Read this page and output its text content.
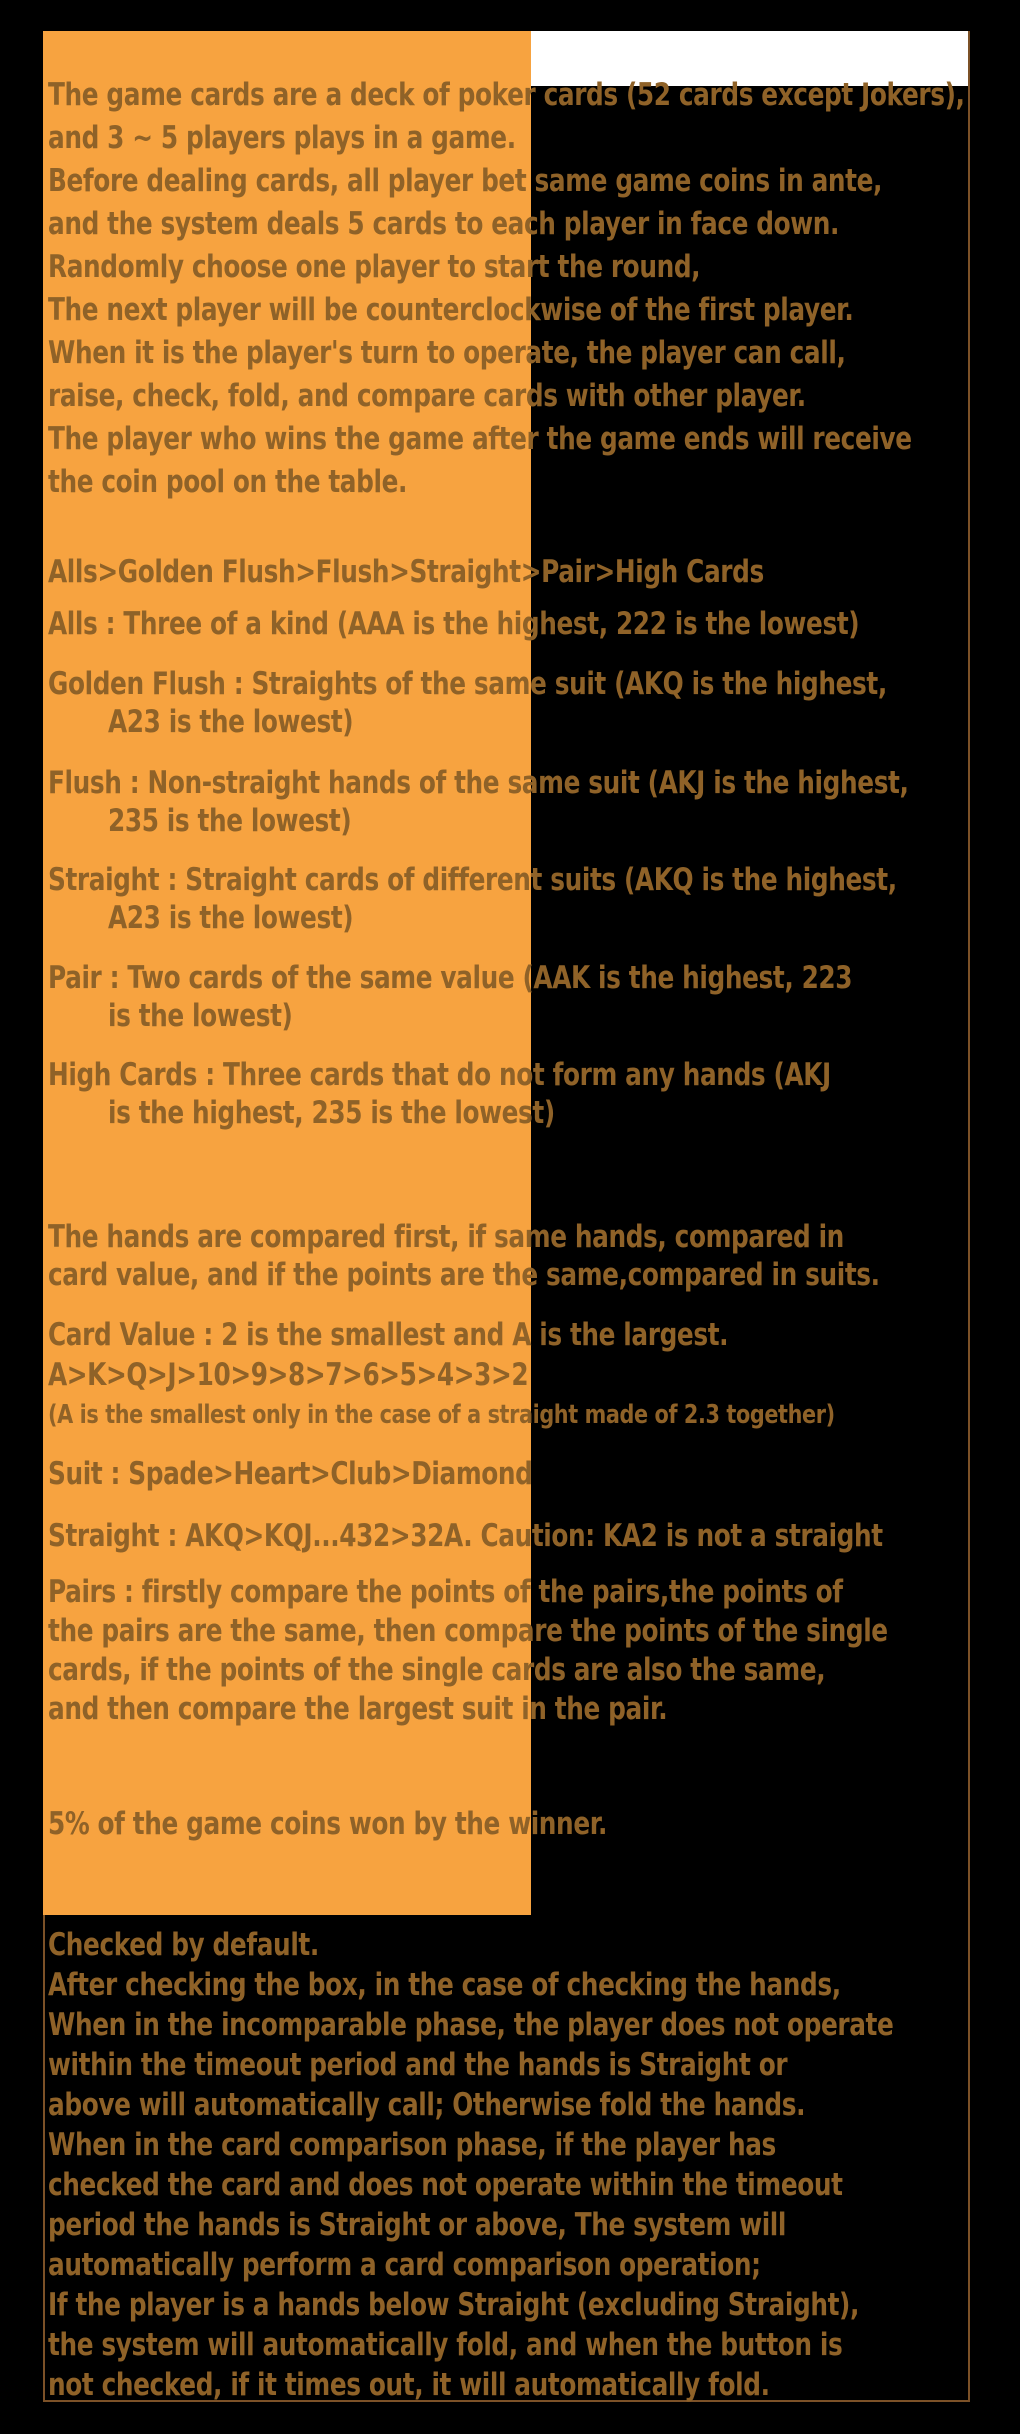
The game cards are a deck of poker cards (52 cards except Jokers),
and 3 ~ 5 players plays in a game.
Before dealing cards, all player bet same game coins in ante,
and the system deals 5 cards to each player in face down.
Randomly choose one player to start the round,
The next player will be counterclockwise of the first player.
When it is the player's turn to operate, the player can call,
raise, check, fold, and compare cards with other player.
The player who wins the game after the game ends will receive
the coin pool on the table.
Alls>Golden Flush>Flush>Straight>Pair>High Cards
Alls : Three of a kind (AAA is the highest, 222 is the lowest)
Golden Flush : Straights of the same suit (AKQ is the highest,
A23 is the lowest)
Flush : Non-straight hands of the same suit (AKJ is the highest,
235 is the lowest)
Straight : Straight cards of different suits (AKQ is the highest,
A23 is the lowest)
Pair : Two cards of the same value (AAK is the highest, 223
is the lowest)
High Cards : Three cards that do not form any hands (AKJ
is the highest, 235 is the lowest)
The hands are compared first, if same hands, compared in
card value, and if the points are the same,compared in suits.
Card Value : 2 is the smallest and A is the largest.
A>K>Q>J>10>9>8>7>6>5>4>3>2
(A is the smallest only in the case of a straight made of 2.3 together)
Suit : Spade>Heart>Club>Diamond
Straight : AKQ>KQJ...432>32A. Caution: KA2 is not a straight
Pairs : firstly compare the points of the pairs,the points of
the pairs are the same, then compare the points of the single
cards, if the points of the single cards are also the same,
and then compare the largest suit in the pair.
5% of the game coins won by the winner.
Checked by default.
After checking the box, in the case of checking the hands,
When in the incomparable phase, the player does not operate
within the timeout period and the hands is Straight or
above will automatically call; Otherwise fold the hands.
When in the card comparison phase, if the player has
checked the card and does not operate within the timeout
period the hands is Straight or above, The system will
automatically perform a card comparison operation;
If the player is a hands below Straight (excluding Straight),
the system will automatically fold, and when the button is
not checked, if it times out, it will automatically fold.
